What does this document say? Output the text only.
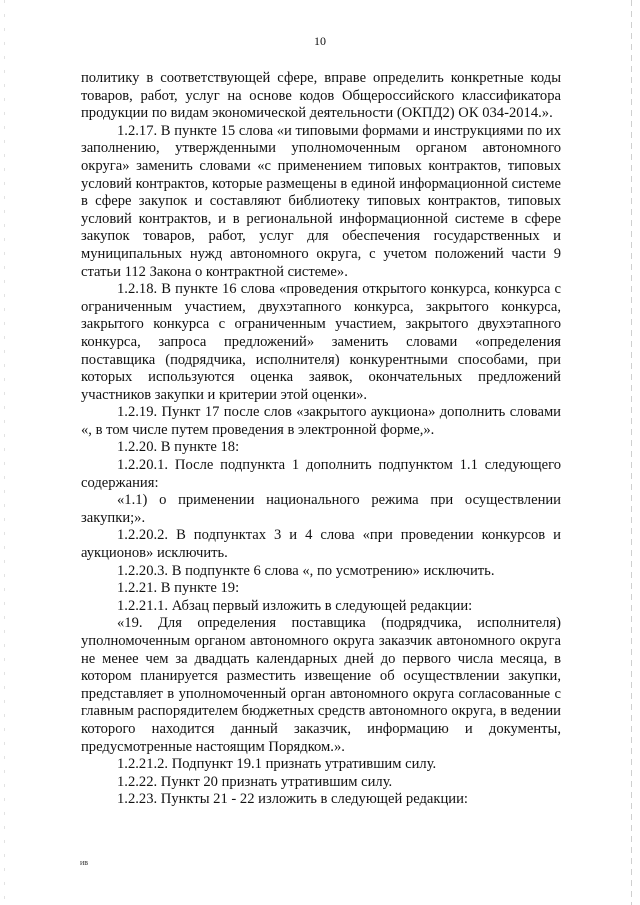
10

политику в соответствующей сфере, вправе определить конкретные коды товаров, работ, услуг на основе кодов Общероссийского классификатора продукции по видам экономической деятельности (ОКПД2) ОК 034-2014.».

1.2.17. В пункте 15 слова «и типовыми формами и инструкциями по их заполнению, утвержденными уполномоченным органом автономного округа» заменить словами «с применением типовых контрактов, типовых условий контрактов, которые размещены в единой информационной системе в сфере закупок и составляют библиотеку типовых контрактов, типовых условий контрактов, и в региональной информационной системе в сфере закупок товаров, работ, услуг для обеспечения государственных и муниципальных нужд автономного округа, с учетом положений части 9 статьи 112 Закона о контрактной системе».

1.2.18. В пункте 16 слова «проведения открытого конкурса, конкурса с ограниченным участием, двухэтапного конкурса, закрытого конкурса, закрытого конкурса с ограниченным участием, закрытого двухэтапного конкурса, запроса предложений» заменить словами «определения поставщика (подрядчика, исполнителя) конкурентными способами, при которых используются оценка заявок, окончательных предложений участников закупки и критерии этой оценки».

1.2.19. Пункт 17 после слов «закрытого аукциона» дополнить словами «, в том числе путем проведения в электронной форме,».

1.2.20. В пункте 18:

1.2.20.1. После подпункта 1 дополнить подпунктом 1.1 следующего содержания:

«1.1) о применении национального режима при осуществлении закупки;».

1.2.20.2. В подпунктах 3 и 4 слова «при проведении конкурсов и аукционов» исключить.

1.2.20.3. В подпункте 6 слова «, по усмотрению» исключить.

1.2.21. В пункте 19:

1.2.21.1. Абзац первый изложить в следующей редакции:

«19. Для определения поставщика (подрядчика, исполнителя) уполномоченным органом автономного округа заказчик автономного округа не менее чем за двадцать календарных дней до первого числа месяца, в котором планируется разместить извещение об осуществлении закупки, представляет в уполномоченный орган автономного округа согласованные с главным распорядителем бюджетных средств автономного округа, в ведении которого находится данный заказчик, информацию и документы, предусмотренные настоящим Порядком.».

1.2.21.2. Подпункт 19.1 признать утратившим силу.

1.2.22. Пункт 20 признать утратившим силу.

1.2.23. Пункты 21 - 22 изложить в следующей редакции:

ив
